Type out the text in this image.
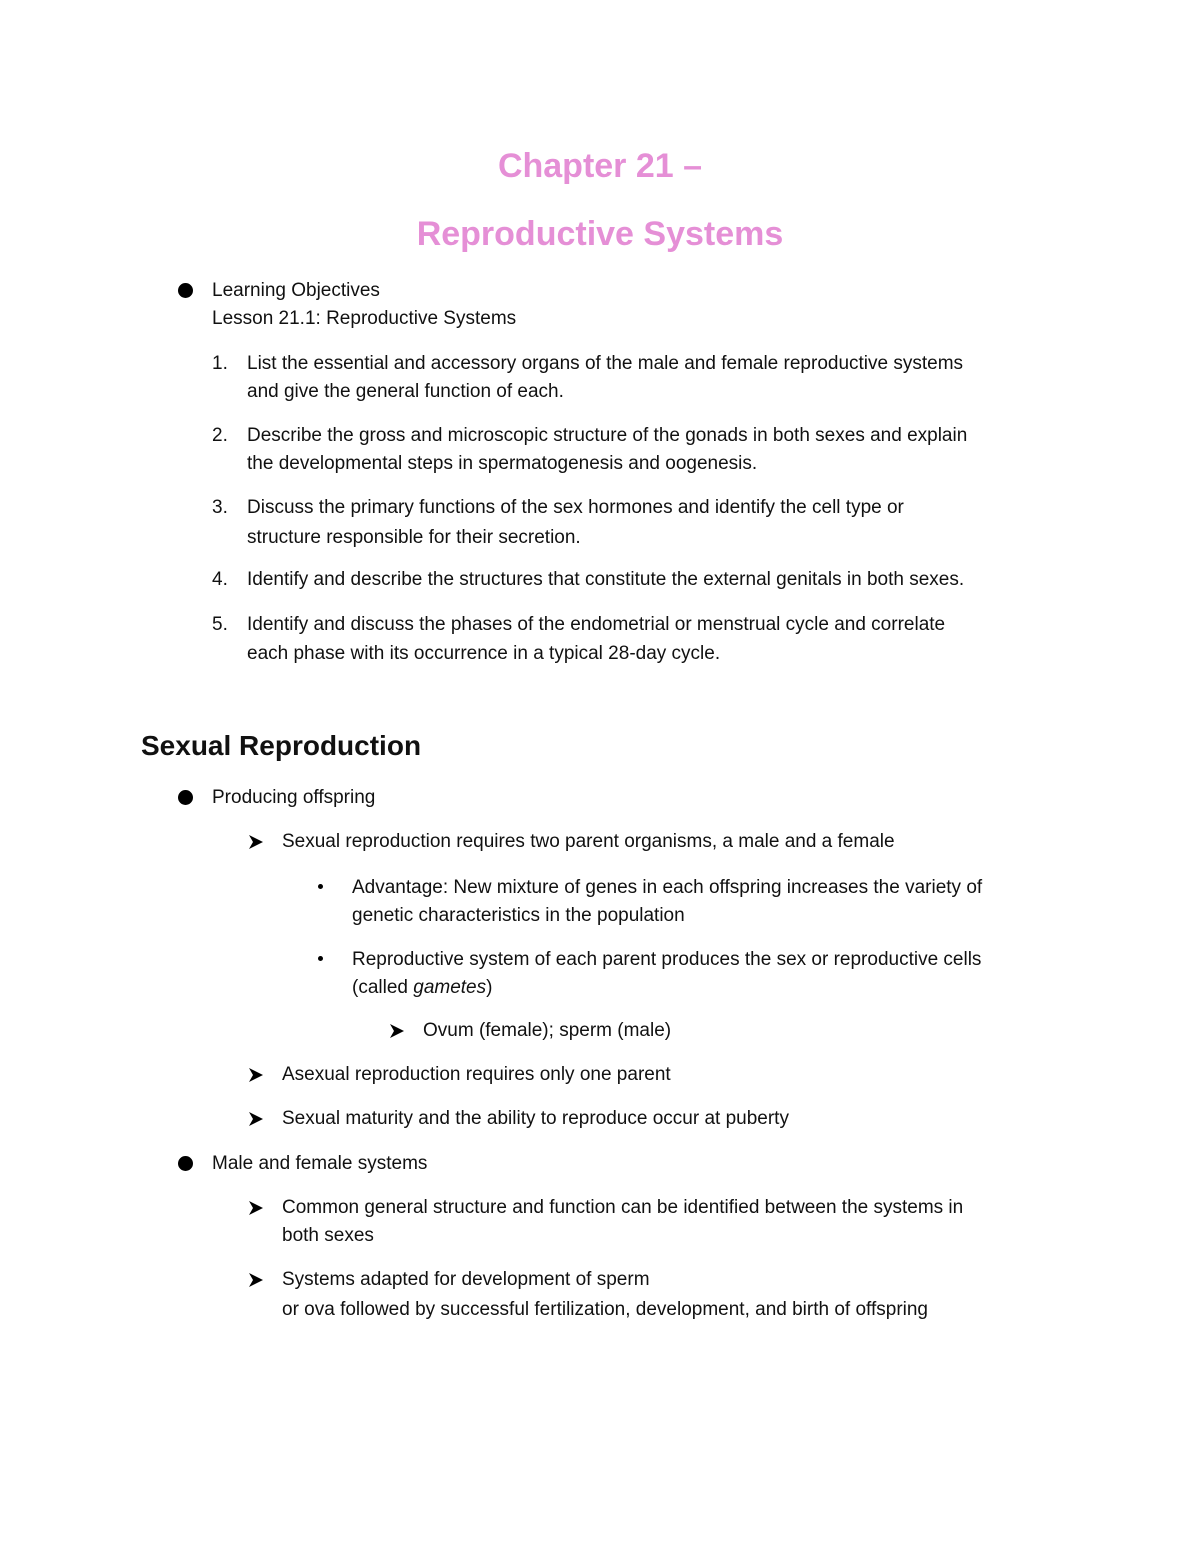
Chapter 21 –
Reproductive Systems
Learning Objectives
Lesson 21.1: Reproductive Systems
1. List the essential and accessory organs of the male and female reproductive systems
and give the general function of each.
2. Describe the gross and microscopic structure of the gonads in both sexes and explain
the developmental steps in spermatogenesis and oogenesis.
3. Discuss the primary functions of the sex hormones and identify the cell type or
structure responsible for their secretion.
4. Identify and describe the structures that constitute the external genitals in both sexes.
5. Identify and discuss the phases of the endometrial or menstrual cycle and correlate
each phase with its occurrence in a typical 28-day cycle.
Sexual Reproduction
Producing offspring
Sexual reproduction requires two parent organisms, a male and a female
Advantage: New mixture of genes in each offspring increases the variety of
genetic characteristics in the population
Reproductive system of each parent produces the sex or reproductive cells
(called gametes)
Ovum (female); sperm (male)
Asexual reproduction requires only one parent
Sexual maturity and the ability to reproduce occur at puberty
Male and female systems
Common general structure and function can be identified between the systems in
both sexes
Systems adapted for development of sperm
or ova followed by successful fertilization, development, and birth of offspring
